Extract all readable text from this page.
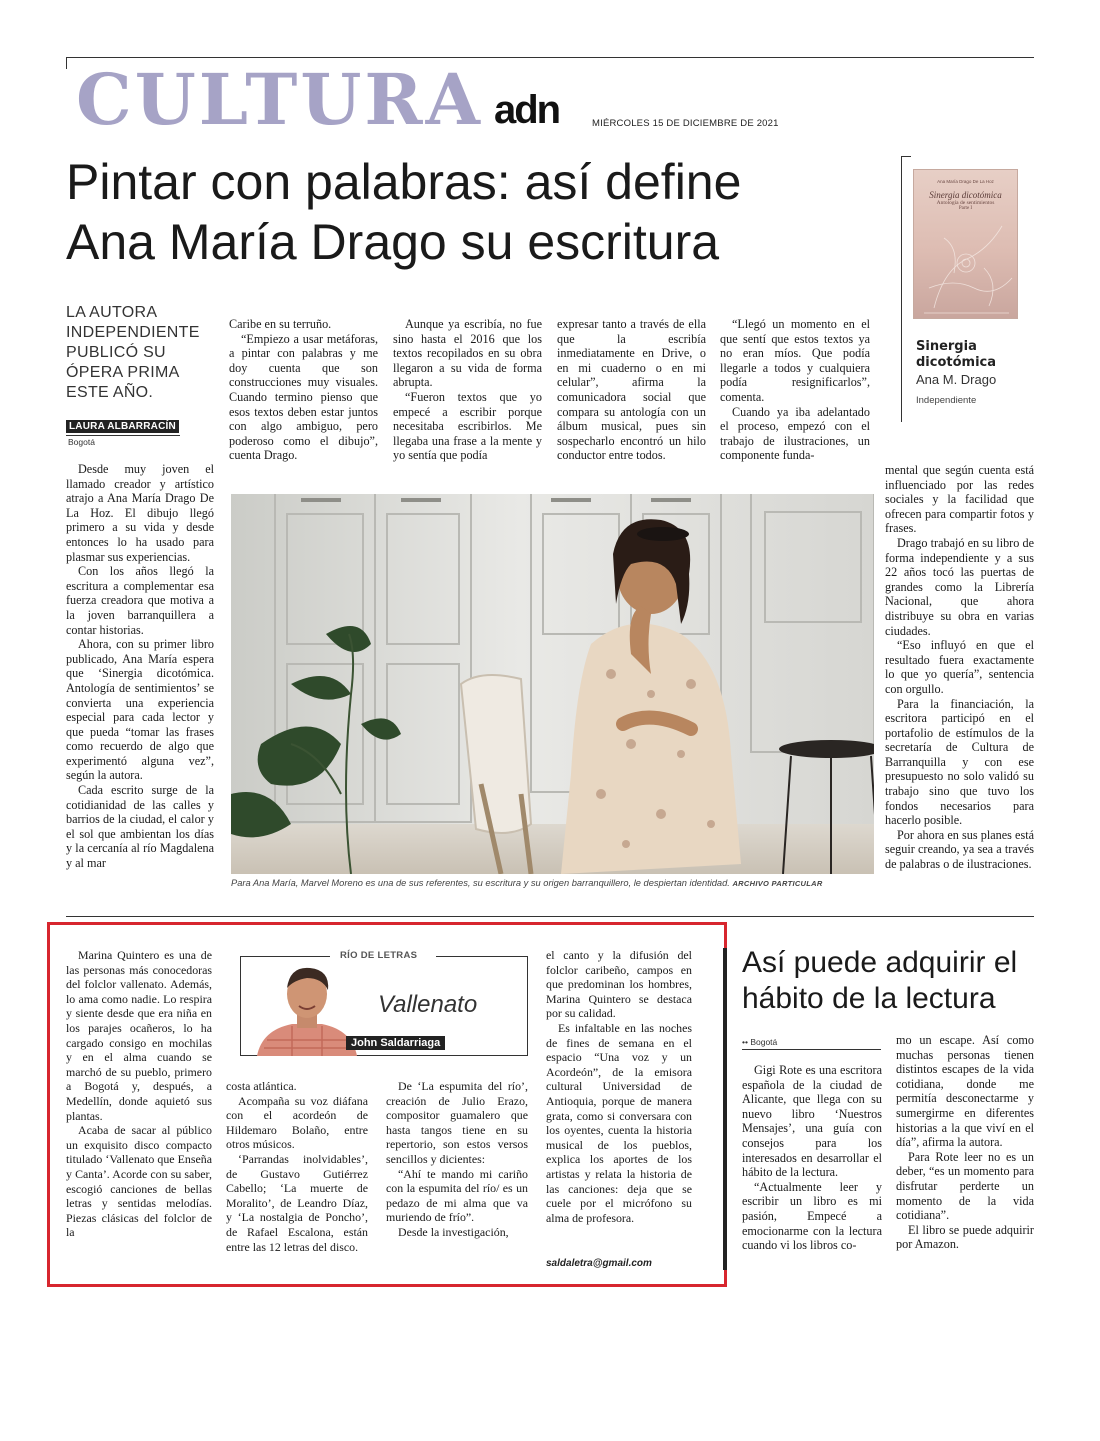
CULTURA adn	MIÉRCOLES 15 DE DICIEMBRE DE 2021
Pintar con palabras: así define
Ana María Drago su escritura
LA AUTORA INDEPENDIENTE PUBLICÓ SU ÓPERA PRIMA ESTE AÑO.
LAURA ALBARRACÍN
Bogotá

Desde muy joven el llamado creador y artístico atrajo a Ana María Drago De La Hoz. El dibujo llegó primero a su vida y desde entonces lo ha usado para plasmar sus experiencias.

Con los años llegó la escritura a complementar esa fuerza creadora que motiva a la joven barranquillera a contar historias.

Ahora, con su primer libro publicado, Ana María espera que ‘Sinergia dicotómica. Antología de sentimientos’ se convierta una experiencia especial para cada lector y que pueda “tomar las frases como recuerdo de algo que experimentó alguna vez”, según la autora.

Cada escrito surge de la cotidianidad de las calles y barrios de la ciudad, el calor y el sol que ambientan los días y la cercanía al río Magdalena y al mar

Caribe en su terruño.

“Empiezo a usar metáforas, a pintar con palabras y me doy cuenta que son construcciones muy visuales. Cuando termino pienso que esos textos deben estar juntos con algo ambiguo, pero poderoso como el dibujo”, cuenta Drago.

Aunque ya escribía, no fue sino hasta el 2016 que los textos recopilados en su obra llegaron a su vida de forma abrupta.

“Fueron textos que yo empecé a escribir porque necesitaba escribirlos. Me llegaba una frase a la mente y yo sentía que podía

expresar tanto a través de ella que la escribía inmediatamente en Drive, o en mi cuaderno o en mi celular”, afirma la comunicadora social que compara su antología con un álbum musical, pues sin sospecharlo encontró un hilo conductor entre todos.

“Llegó un momento en el que sentí que estos textos ya no eran míos. Que podía llegarle a todos y cualquiera podía resignificarlos”, comenta.

Cuando ya iba adelantado el proceso, empezó con el trabajo de ilustraciones, un componente funda-

mental que según cuenta está influenciado por las redes sociales y la facilidad que ofrecen para compartir fotos y frases.

Drago trabajó en su libro de forma independiente y a sus 22 años tocó las puertas de grandes como la Librería Nacional, que ahora distribuye su obra en varias ciudades.

“Eso influyó en que el resultado fuera exactamente lo que yo quería”, sentencia con orgullo.

Para la financiación, la escritora participó en el portafolio de estímulos de la secretaría de Cultura de Barranquilla y con ese presupuesto no solo validó su trabajo sino que tuvo los fondos necesarios para hacerlo posible.

Por ahora en sus planes está seguir creando, ya sea a través de palabras o de ilustraciones.

Ana María Drago De La Hoz
Sinergia dicotómica
Antología de sentimientos
Parte I
Sinergia dicotómica
Ana M. Drago
Independiente
Para Ana María, Marvel Moreno es una de sus referentes, su escritura y su origen barranquillero, le despiertan identidad. ARCHIVO PARTICULAR

Marina Quintero es una de las personas más conocedoras del folclor vallenato. Además, lo ama como nadie. Lo respira y siente desde que era niña en los parajes ocañeros, lo ha cargado consigo en mochilas y en el alma cuando se marchó de su pueblo, primero a Bogotá y, después, a Medellín, donde aquietó sus plantas.

Acaba de sacar al público un exquisito disco compacto titulado ‘Vallenato que Enseña y Canta’. Acorde con su saber, escogió canciones de bellas letras y sentidas melodías. Piezas clásicas del folclor de la

RÍO DE LETRAS
Vallenato
John Saldarriaga

costa atlántica.

Acompaña su voz diáfana con el acordeón de Hildemaro Bolaño, entre otros músicos.

‘Parrandas inolvidables’, de Gustavo Gutiérrez Cabello; ‘La muerte de Moralito’, de Leandro Díaz, y ‘La nostalgia de Poncho’, de Rafael Escalona, están entre las 12 letras del disco.

De ‘La espumita del río’, creación de Julio Erazo, compositor guamalero que hasta tangos tiene en su repertorio, son estos versos sencillos y dicientes:

“Ahí te mando mi cariño con la espumita del río/ es un pedazo de mi alma que va muriendo de frío”.

Desde la investigación,

el canto y la difusión del folclor caribeño, campos en que predominan los hombres, Marina Quintero se destaca por su calidad.

Es infaltable en las noches de fines de semana en el espacio “Una voz y un Acordeón”, de la emisora cultural Universidad de Antioquia, porque de manera grata, como si conversara con los oyentes, cuenta la historia musical de los pueblos, explica los aportes de los artistas y relata la historia de las canciones: deja que se cuele por el micrófono su alma de profesora.

saldaletra@gmail.com
Así puede adquirir el
hábito de la lectura
•• Bogotá

Gigi Rote es una escritora española de la ciudad de Alicante, que llega con su nuevo libro ‘Nuestros Mensajes’, una guía con consejos para los interesados en desarrollar el hábito de la lectura.

“Actualmente leer y escribir un libro es mi pasión, Empecé a emocionarme con la lectura cuando vi los libros co-

mo un escape. Así como muchas personas tienen distintos escapes de la vida cotidiana, donde me permitía desconectarme y sumergirme en diferentes historias a la que viví en el día”, afirma la autora.

Para Rote leer no es un deber, “es un momento para disfrutar perderte un momento de la vida cotidiana”.

El libro se puede adquirir por Amazon.
